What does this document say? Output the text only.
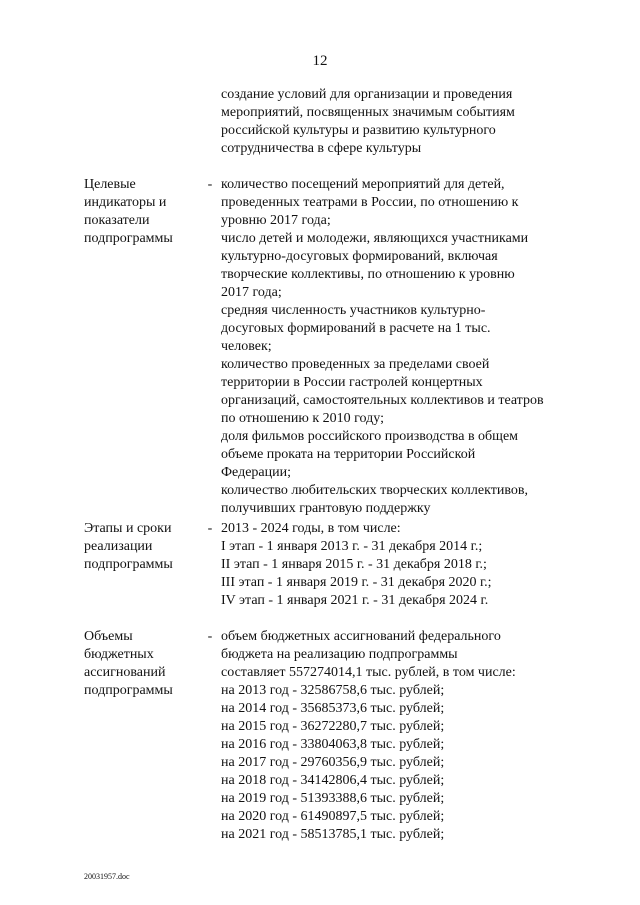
12
создание условий для организации и проведения
мероприятий, посвященных значимым событиям
российской культуры и развитию культурного
сотрудничества в сфере культуры
Целевые
индикаторы и
показатели
подпрограммы
- количество посещений мероприятий для детей,
проведенных театрами в России, по отношению к
уровню 2017 года;
число детей и молодежи, являющихся участниками
культурно-досуговых формирований, включая
творческие коллективы, по отношению к уровню
2017 года;
средняя численность участников культурно-
досуговых формирований в расчете на 1 тыс.
человек;
количество проведенных за пределами своей
территории в России гастролей концертных
организаций, самостоятельных коллективов и театров
по отношению к 2010 году;
доля фильмов российского производства в общем
объеме проката на территории Российской
Федерации;
количество любительских творческих коллективов,
получивших грантовую поддержку
Этапы и сроки
реализации
подпрограммы
- 2013 - 2024 годы, в том числе:
I этап - 1 января 2013 г. - 31 декабря 2014 г.;
II этап - 1 января 2015 г. - 31 декабря 2018 г.;
III этап - 1 января 2019 г. - 31 декабря 2020 г.;
IV этап - 1 января 2021 г. - 31 декабря 2024 г.
Объемы
бюджетных
ассигнований
подпрограммы
- объем бюджетных ассигнований федерального
бюджета на реализацию подпрограммы
составляет 557274014,1 тыс. рублей, в том числе:
на 2013 год - 32586758,6 тыс. рублей;
на 2014 год - 35685373,6 тыс. рублей;
на 2015 год - 36272280,7 тыс. рублей;
на 2016 год - 33804063,8 тыс. рублей;
на 2017 год - 29760356,9 тыс. рублей;
на 2018 год - 34142806,4 тыс. рублей;
на 2019 год - 51393388,6 тыс. рублей;
на 2020 год - 61490897,5 тыс. рублей;
на 2021 год - 58513785,1 тыс. рублей;
20031957.doc
